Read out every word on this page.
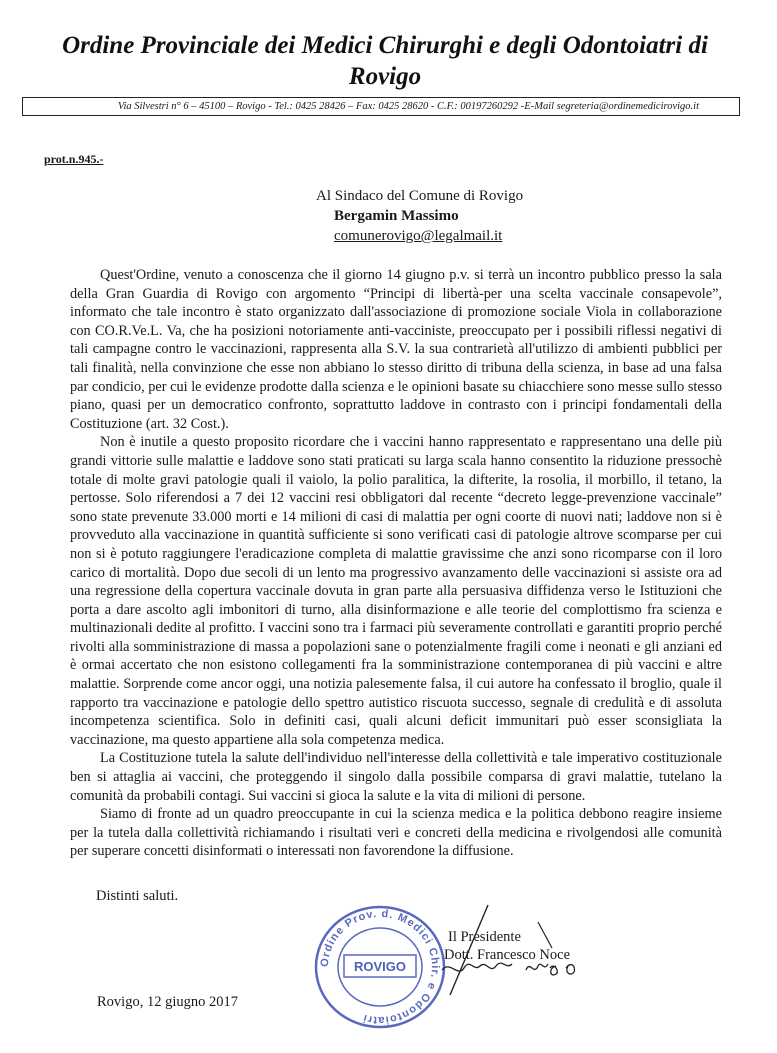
Ordine Provinciale dei Medici Chirurghi e degli Odontoiatri di
Rovigo
Via Silvestri n° 6 – 45100 – Rovigo - Tel.: 0425 28426 – Fax: 0425 28620 - C.F.: 00197260292 -E-Mail segreteria@ordinemedicirovigo.it
prot.n.945.-
Al Sindaco del Comune di Rovigo
Bergamin Massimo
comunerovigo@legalmail.it

Quest'Ordine, venuto a conoscenza che il giorno 14 giugno p.v. si terrà un incontro pubblico presso la sala della Gran Guardia di Rovigo con argomento “Principi di libertà-per una scelta vaccinale consapevole”, informato che tale incontro è stato organizzato dall'associazione di promozione sociale Viola in collaborazione con CO.R.Ve.L. Va, che ha posizioni notoriamente anti-vacciniste, preoccupato per i possibili riflessi negativi di tali campagne contro le vaccinazioni, rappresenta alla S.V. la sua contrarietà all'utilizzo di ambienti pubblici per tali finalità, nella convinzione che esse non abbiano lo stesso diritto di tribuna della scienza, in base ad una falsa par condicio, per cui le evidenze prodotte dalla scienza e le opinioni basate su chiacchiere sono messe sullo stesso piano, quasi per un democratico confronto, soprattutto laddove in contrasto con i principi fondamentali della Costituzione (art. 32 Cost.).

Non è inutile a questo proposito ricordare che i vaccini hanno rappresentato e rappresentano una delle più grandi vittorie sulle malattie e laddove sono stati praticati su larga scala hanno consentito la riduzione pressochè totale di molte gravi patologie quali il vaiolo, la polio paralitica, la difterite, la rosolia, il morbillo, il tetano, la pertosse. Solo riferendosi a 7 dei 12 vaccini resi obbligatori dal recente “decreto legge-prevenzione vaccinale” sono state prevenute 33.000 morti e 14 milioni di casi di malattia per ogni coorte di nuovi nati; laddove non si è provveduto alla vaccinazione in quantità sufficiente si sono verificati casi di patologie altrove scomparse per cui non si è potuto raggiungere l'eradicazione completa di malattie gravissime che anzi sono ricomparse con il loro carico di mortalità. Dopo due secoli di un lento ma progressivo avanzamento delle vaccinazioni si assiste ora ad una regressione della copertura vaccinale dovuta in gran parte alla persuasiva diffidenza verso le Istituzioni che porta a dare ascolto agli imbonitori di turno, alla disinformazione e alle teorie del complottismo fra scienza e multinazionali dedite al profitto. I vaccini sono tra i farmaci più severamente controllati e garantiti proprio perché rivolti alla somministrazione di massa a popolazioni sane o potenzialmente fragili come i neonati e gli anziani ed è ormai accertato che non esistono collegamenti fra la somministrazione contemporanea di più vaccini e altre malattie. Sorprende come ancor oggi, una notizia palesemente falsa, il cui autore ha confessato il broglio, quale il rapporto tra vaccinazione e patologie dello spettro autistico riscuota successo, segnale di credulità e di assoluta incompetenza scientifica. Solo in definiti casi, quali alcuni deficit immunitari può esser sconsigliata la vaccinazione, ma questo appartiene alla sola competenza medica.

La Costituzione tutela la salute dell'individuo nell'interesse della collettività e tale imperativo costituzionale ben si attaglia ai vaccini, che proteggendo il singolo dalla possibile comparsa di gravi malattie, tutelano la comunità da probabili contagi. Sui vaccini si gioca la salute e la vita di milioni di persone.

Siamo di fronte ad un quadro preoccupante in cui la scienza medica e la politica debbono reagire insieme per la tutela dalla collettività richiamando i risultati veri e concreti della medicina e rivolgendosi alle comunità per superare concetti disinformati o interessati non favorendone la diffusione.

Distinti saluti.
Ordine Prov. d. Medici Chir. e Odontoiatri
ROVIGO
Il Presidente
Dott. Francesco Noce
Rovigo, 12 giugno 2017
